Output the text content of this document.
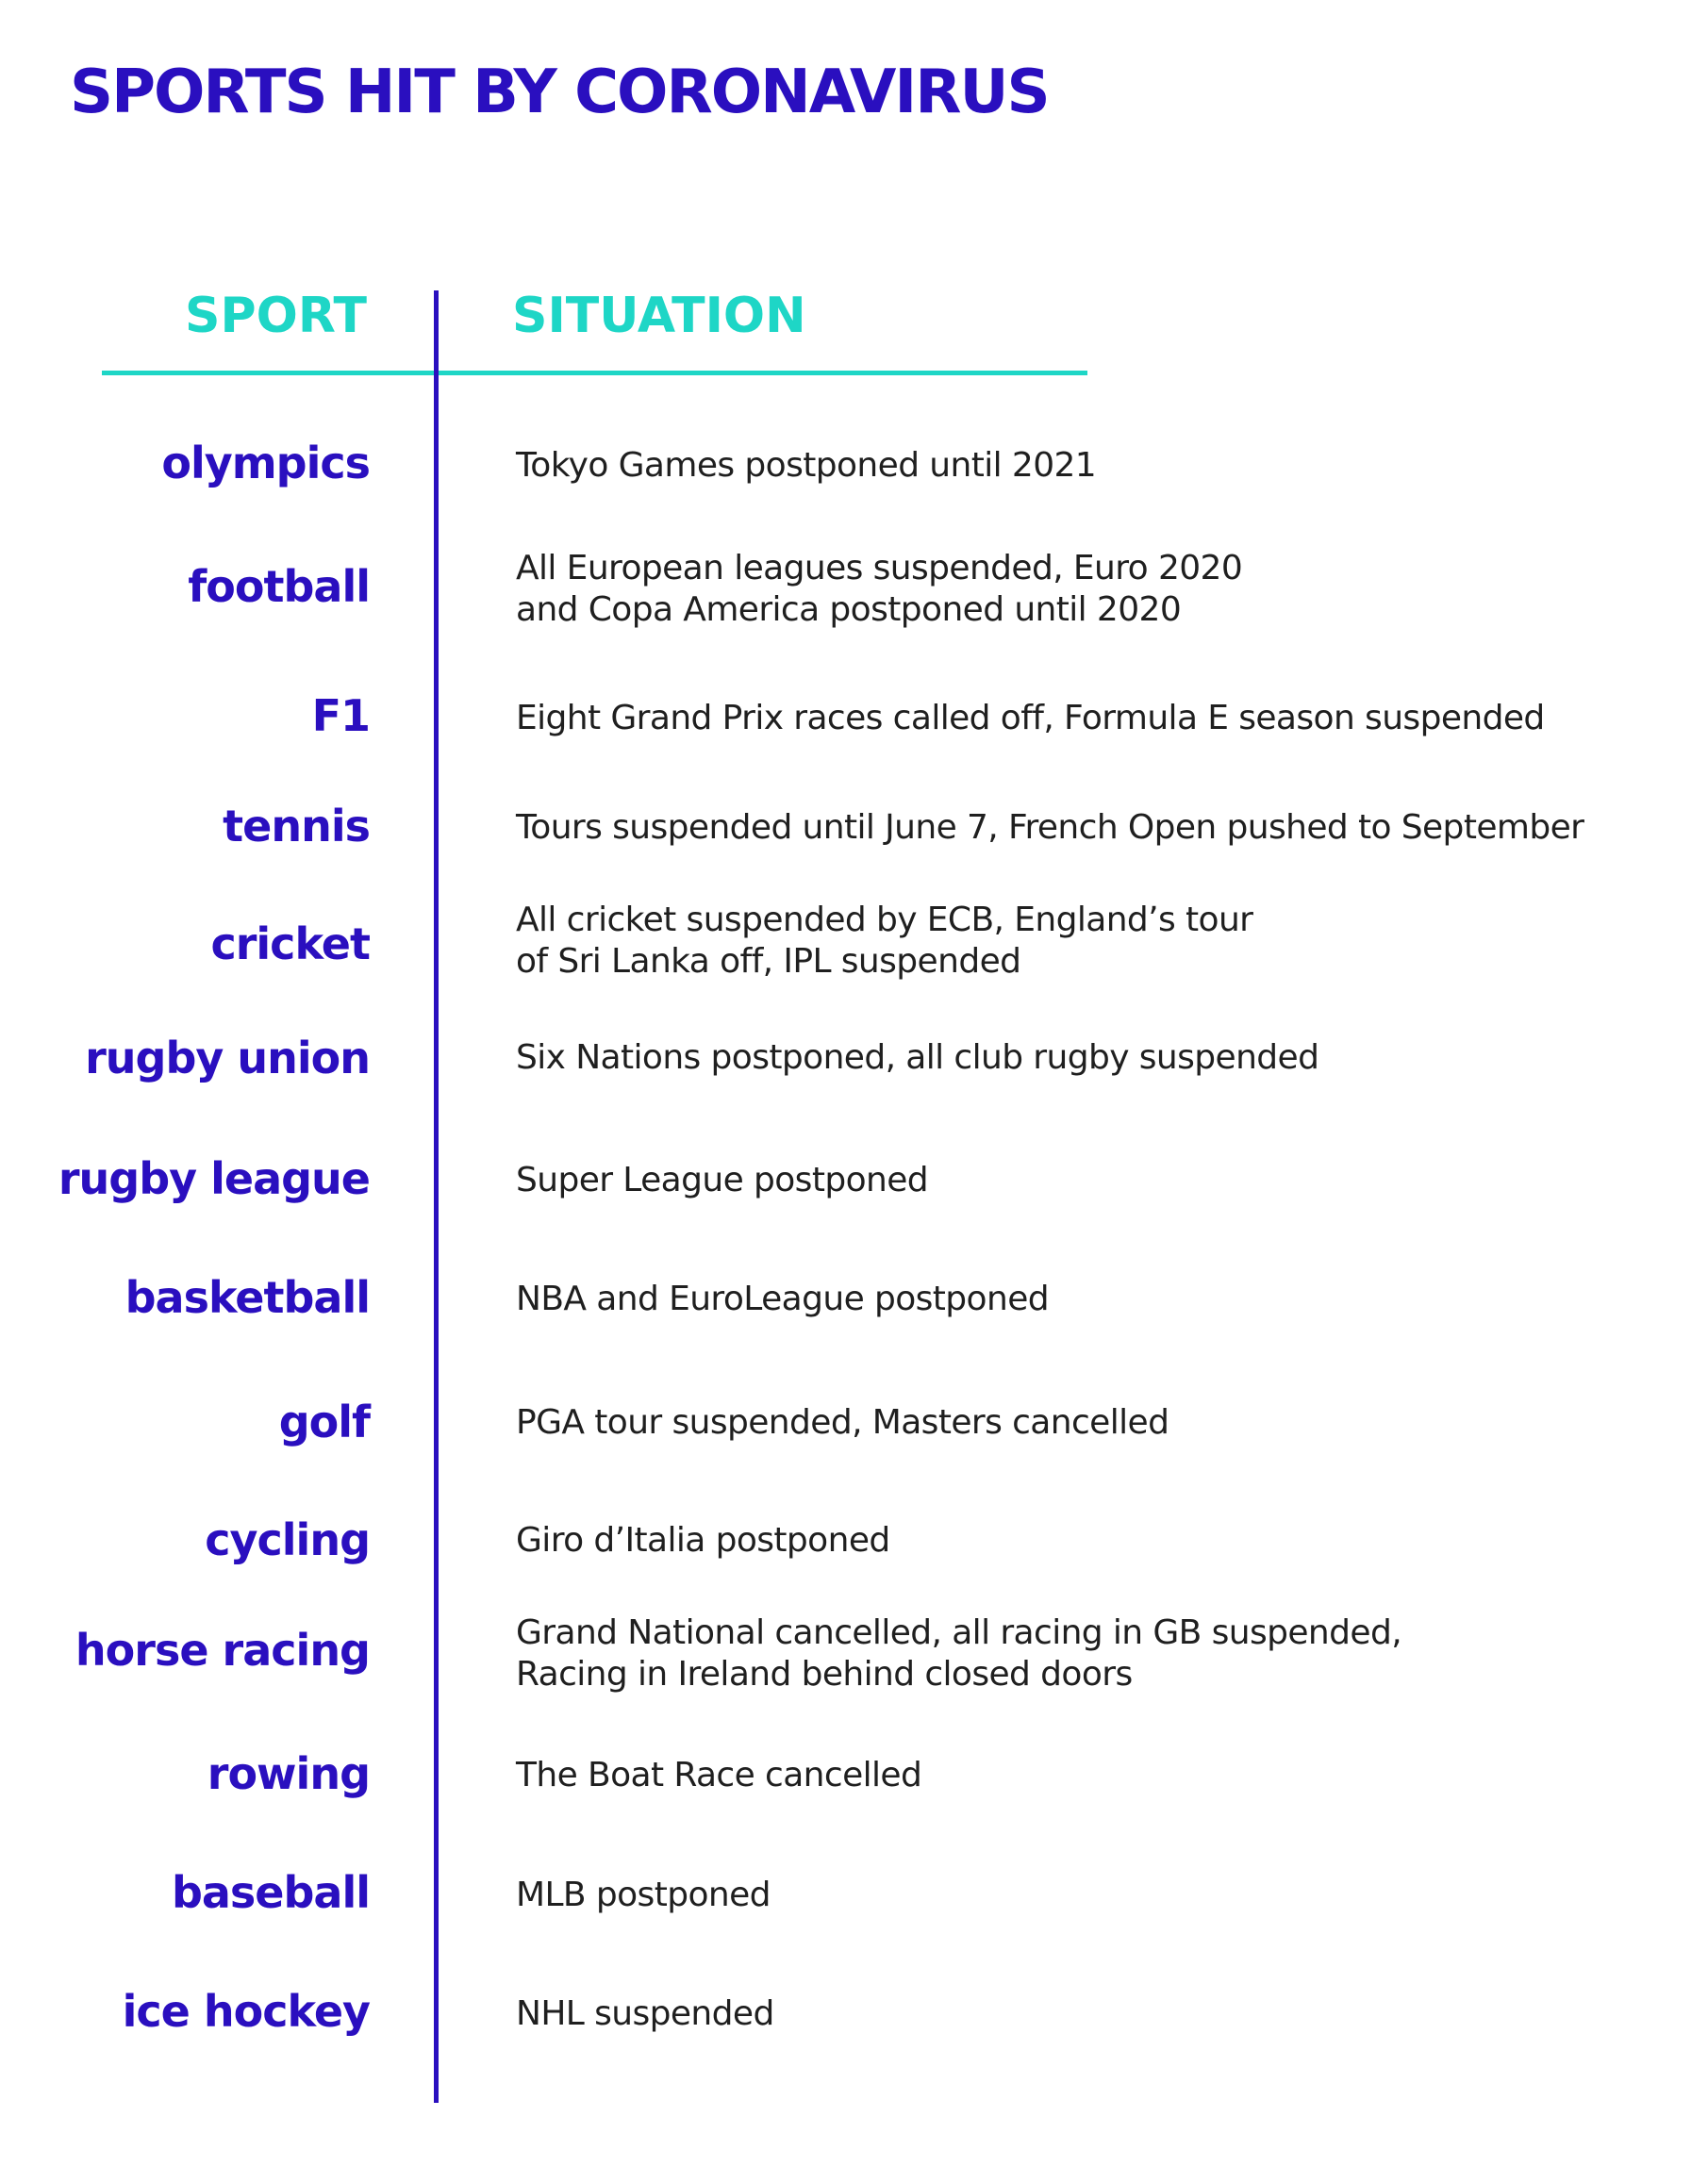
SPORTS HIT BY CORONAVIRUS
SPORT	SITUATION
olympics	Tokyo Games postponed until 2021
football	All European leagues suspended, Euro 2020
and Copa America postponed until 2020
F1	Eight Grand Prix races called off, Formula E season suspended
tennis	Tours suspended until June 7, French Open pushed to September
cricket	All cricket suspended by ECB, England’s tour
of Sri Lanka off, IPL suspended
rugby union	Six Nations postponed, all club rugby suspended
rugby league	Super League postponed
basketball	NBA and EuroLeague postponed
golf	PGA tour suspended, Masters cancelled
cycling	Giro d’Italia postponed
horse racing	Grand National cancelled, all racing in GB suspended,
Racing in Ireland behind closed doors
rowing	The Boat Race cancelled
baseball	MLB postponed
ice hockey	NHL suspended
